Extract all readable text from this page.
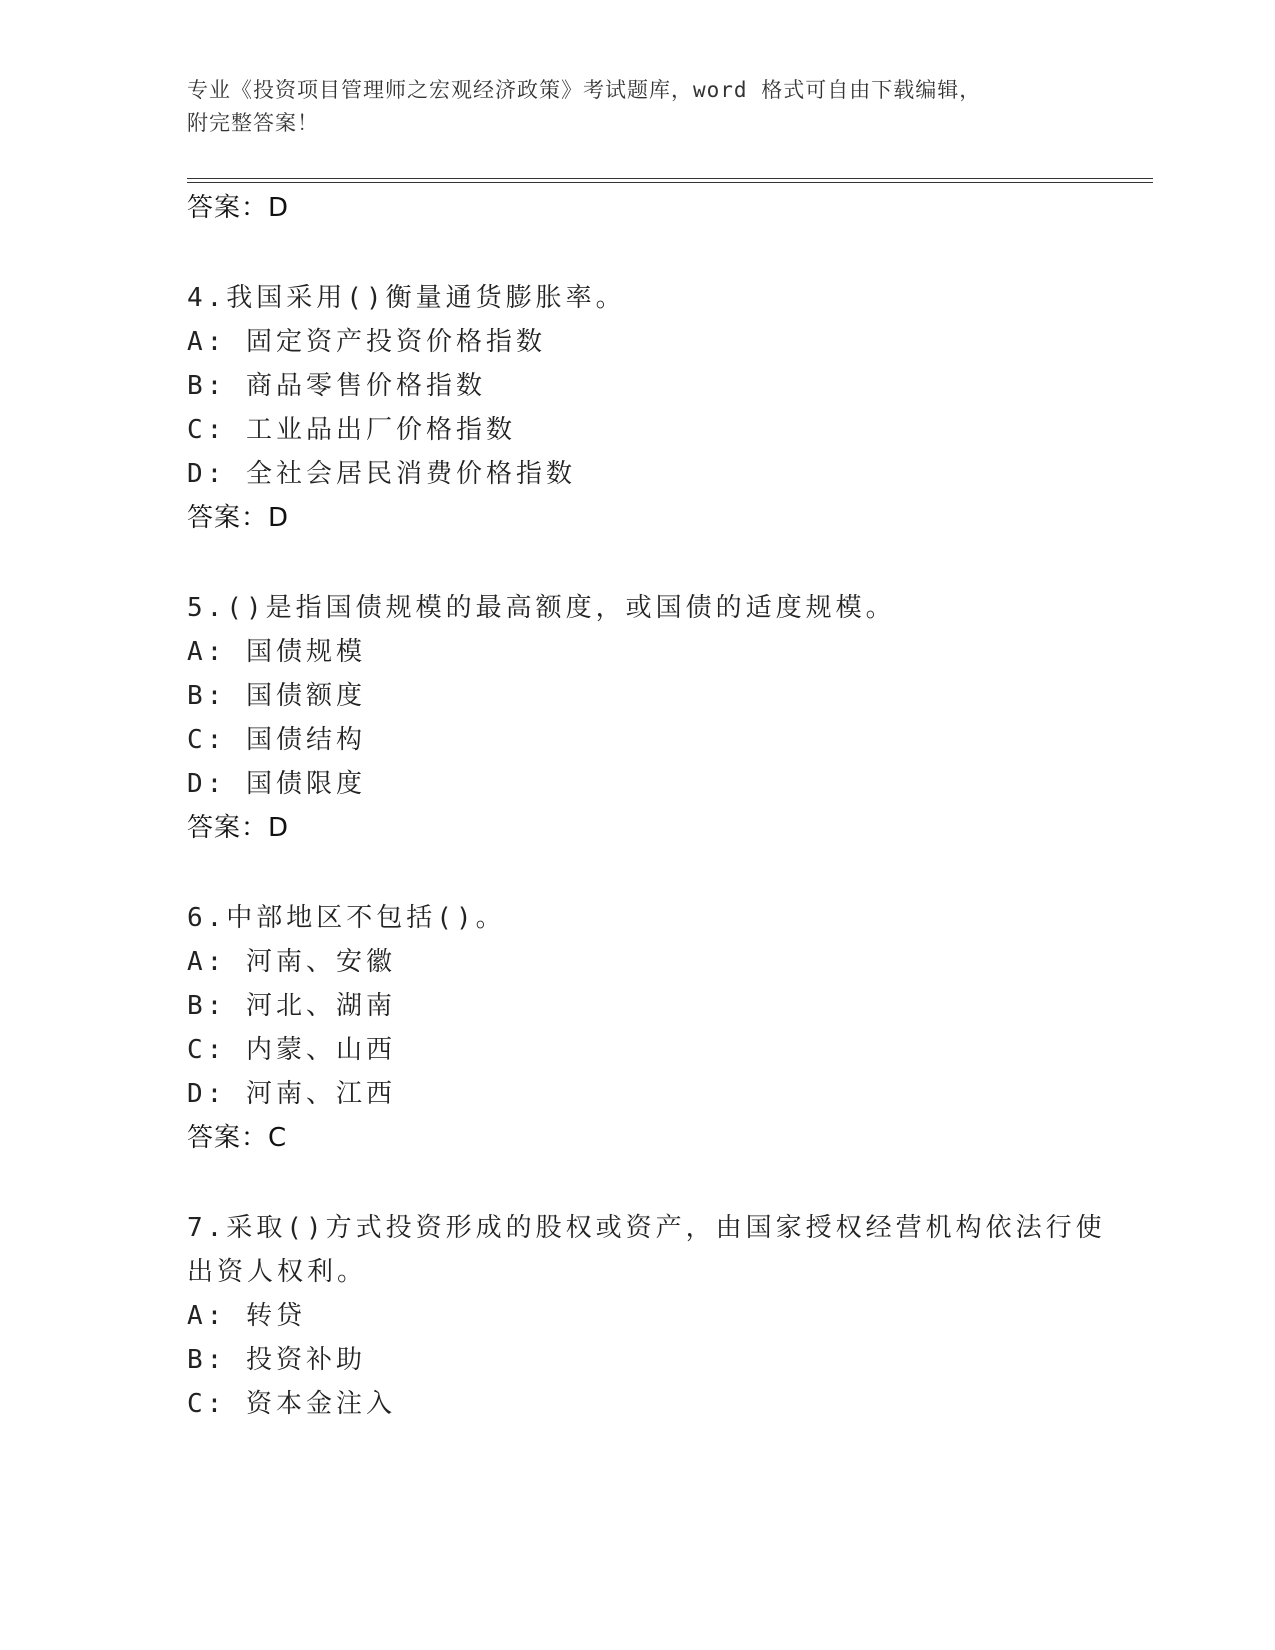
专业《投资项目管理师之宏观经济政策》考试题库，word 格式可自由下载编辑，
附完整答案！
答案：D
4.我国采用()衡量通货膨胀率。
A: 固定资产投资价格指数
B: 商品零售价格指数
C: 工业品出厂价格指数
D: 全社会居民消费价格指数
答案：D
5.()是指国债规模的最高额度，或国债的适度规模。
A: 国债规模
B: 国债额度
C: 国债结构
D: 国债限度
答案：D
6.中部地区不包括()。
A: 河南、安徽
B: 河北、湖南
C: 内蒙、山西
D: 河南、江西
答案：C
7.采取()方式投资形成的股权或资产，由国家授权经营机构依法行使
出资人权利。
A: 转贷
B: 投资补助
C: 资本金注入
